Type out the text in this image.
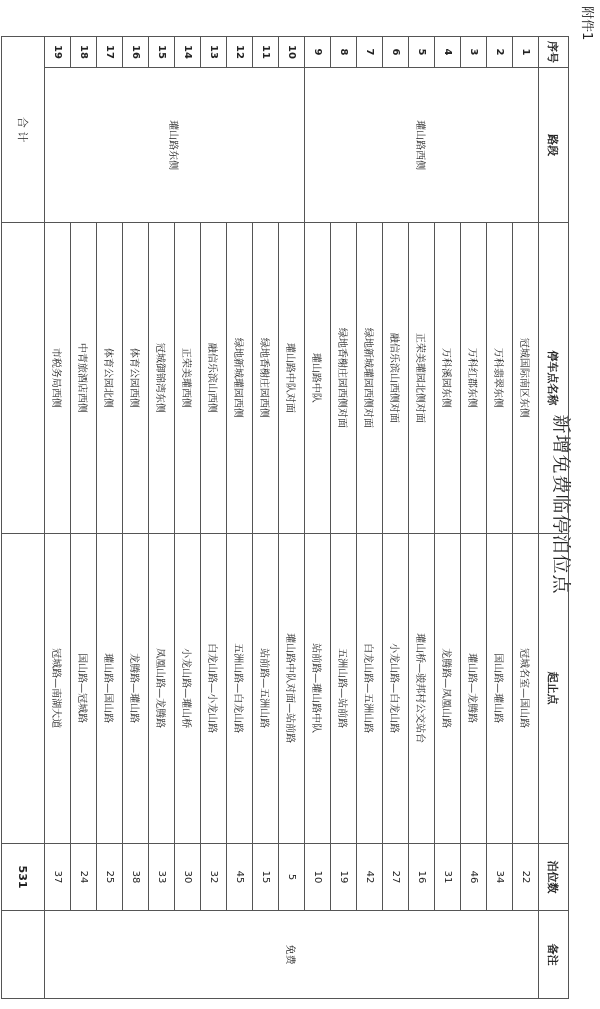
附件1
新增免费临停泊位点
序号	路段	停车点名称	起止点	泊位数	备注
1	瓘山路西侧	冠城国际南区东侧	冠城名室—国山路	22	免费
2		万科翡翠东侧	国山路—瓘山路	34	
3		万科红郡东侧	瓘山路—龙腾路	46	
4		万科溪园东侧	龙腾路—凤凰山路	31	
5		正荣美瓘园北侧对面	瓘山桥—骏邦村公交站台	16	
6		融信乐滨山西侧对面	小龙山路—白龙山路	27	
7		绿地新城瓘园西侧对面	白龙山路—五洲山路	42	
8		绿地香榭庄园西侧对面	五洲山路—站前路	19	
9		瓘山路中队	站前路—瓘山路中队	10	
10	瓘山路东侧	瓘山路中队对面	瓘山路中队对面—站前路	5	
11		绿地香榭庄园西侧	站前路—五洲山路	15	
12		绿地新城瓘园西侧	五洲山路—白龙山路	45	
13		融信乐滨山西侧	白龙山路—小龙山路	32	
14		正荣美瓘西侧	小龙山路—瓘山桥	30	
15		冠城御锦湾东侧	凤凰山路—龙腾路	33	
16		体育公园西侧	龙腾路—瓘山路	38	
17		体育公园北侧	瓘山路—国山路	25	
18		中青旅酒店西侧	国山路—冠城路	24	
19		市税务局西侧	冠城路—南湖大道	37	
合 计				531	
